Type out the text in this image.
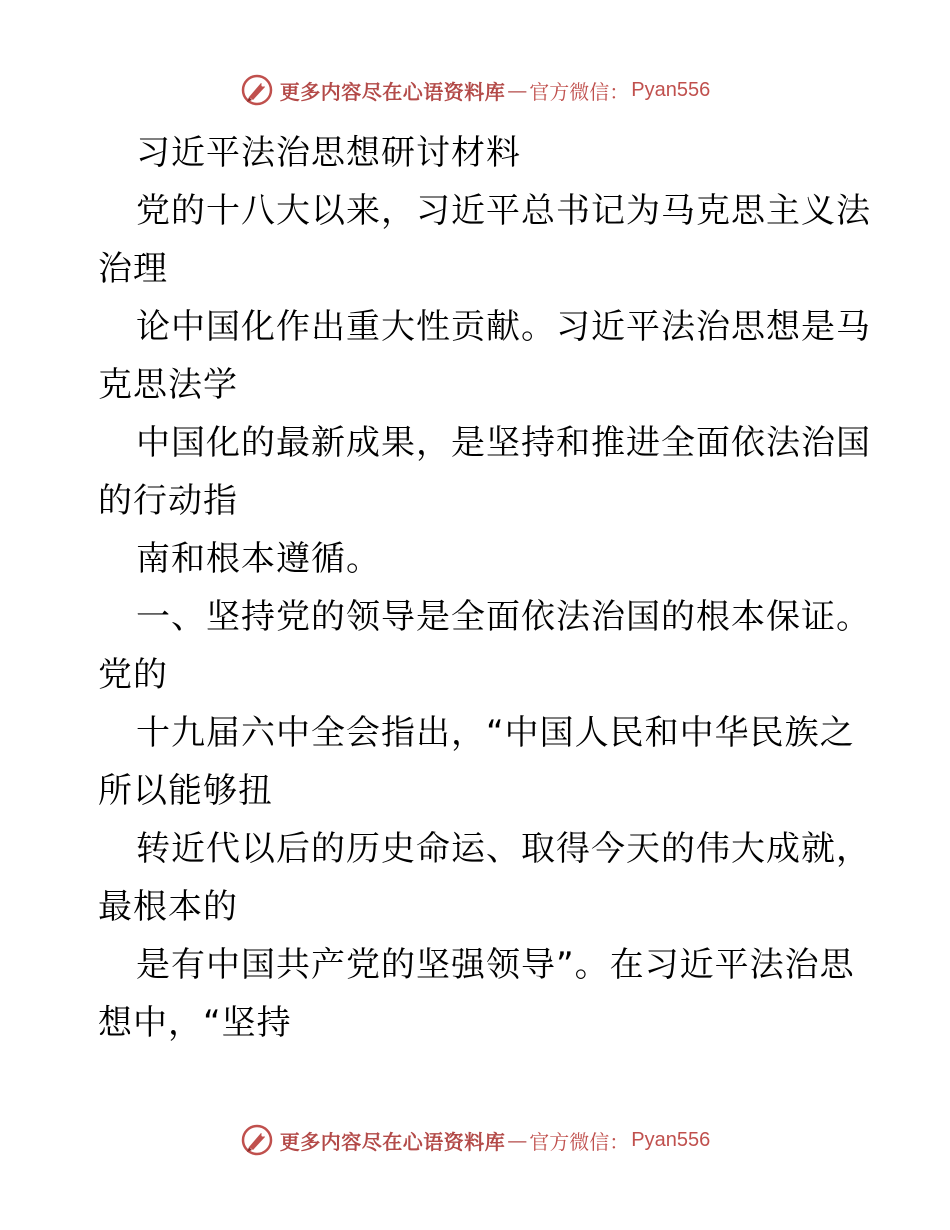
更多内容尽在心语资料库 — 官方微信： Pyan556
习近平法治思想研讨材料
党的十八大以来，习近平总书记为马克思主义法
治理
论中国化作出重大性贡献。习近平法治思想是马
克思法学
中国化的最新成果，是坚持和推进全面依法治国
的行动指
南和根本遵循。
一、坚持党的领导是全面依法治国的根本保证。
党的
十九届六中全会指出，“中国人民和中华民族之
所以能够扭
转近代以后的历史命运、取得今天的伟大成就，
最根本的
是有中国共产党的坚强领导”。在习近平法治思
想中，“坚持
更多内容尽在心语资料库 — 官方微信： Pyan556
